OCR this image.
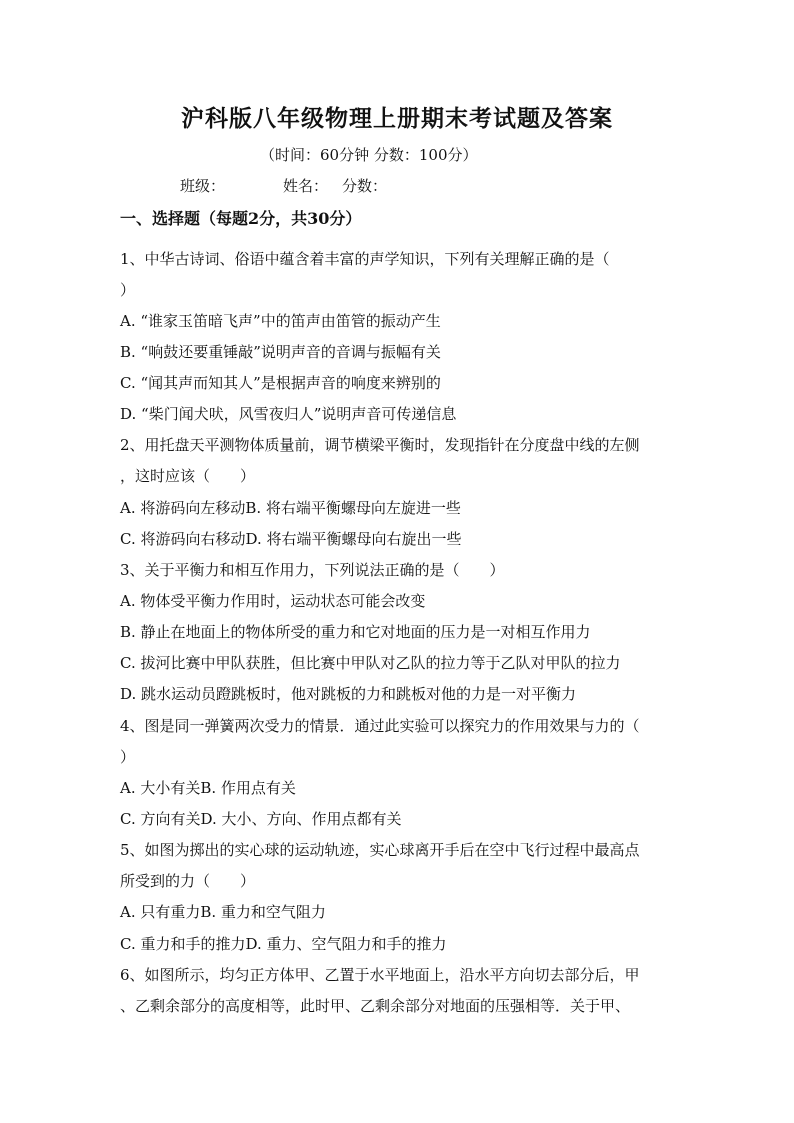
沪科版八年级物理上册期末考试题及答案
（时间：60分钟 分数：100分）
班级：	姓名： 分数：
一、选择题（每题2分，共30分）
1、中华古诗词、俗语中蕴含着丰富的声学知识，下列有关理解正确的是（
）
A. “谁家玉笛暗飞声”中的笛声由笛管的振动产生
B. “响鼓还要重锤敲”说明声音的音调与振幅有关
C. “闻其声而知其人”是根据声音的响度来辨别的
D. “柴门闻犬吠，风雪夜归人”说明声音可传递信息
2、用托盘天平测物体质量前，调节横梁平衡时，发现指针在分度盘中线的左侧
，这时应该（　　）
A. 将游码向左移动B. 将右端平衡螺母向左旋进一些
C. 将游码向右移动D. 将右端平衡螺母向右旋出一些
3、关于平衡力和相互作用力，下列说法正确的是（　　）
A. 物体受平衡力作用时，运动状态可能会改变
B. 静止在地面上的物体所受的重力和它对地面的压力是一对相互作用力
C. 拔河比赛中甲队获胜，但比赛中甲队对乙队的拉力等于乙队对甲队的拉力
D. 跳水运动员蹬跳板时，他对跳板的力和跳板对他的力是一对平衡力
4、图是同一弹簧两次受力的情景．通过此实验可以探究力的作用效果与力的（
）
A. 大小有关B. 作用点有关
C. 方向有关D. 大小、方向、作用点都有关
5、如图为掷出的实心球的运动轨迹，实心球离开手后在空中飞行过程中最高点
所受到的力（　　）
A. 只有重力B. 重力和空气阻力
C. 重力和手的推力D. 重力、空气阻力和手的推力
6、如图所示，均匀正方体甲、乙置于水平地面上，沿水平方向切去部分后，甲
、乙剩余部分的高度相等，此时甲、乙剩余部分对地面的压强相等．关于甲、
